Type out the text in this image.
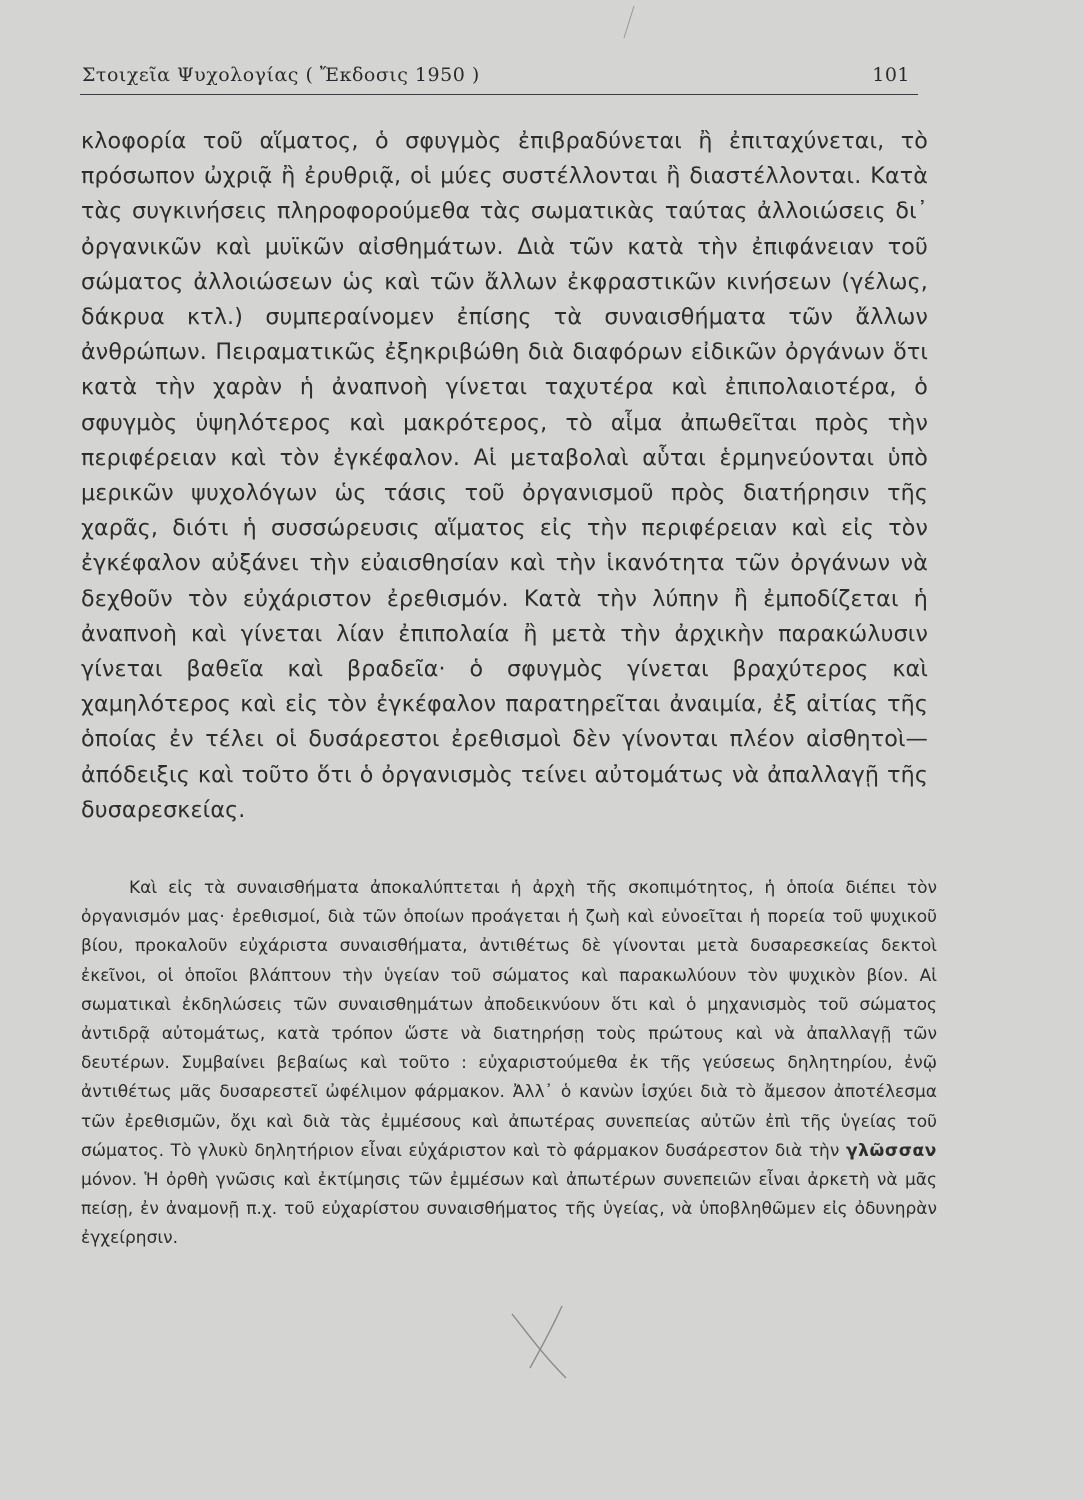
Στοιχεῖα Ψυχολογίας ( Ἔκδοσις 1950 )	101
κλοφορία τοῦ αἵματος, ὁ σφυγμὸς ἐπιβραδύνεται ἢ ἐπιταχύνεται, τὸ πρόσωπον ὠχριᾷ ἢ ἐρυθριᾷ, οἱ μύες συστέλλονται ἢ διαστέλλονται. Κατὰ τὰς συγκινήσεις πληροφορούμεθα τὰς σωματικὰς ταύτας ἀλλοιώσεις δι᾽ ὀργανικῶν καὶ μυϊκῶν αἰσθημάτων. Διὰ τῶν κατὰ τὴν ἐπιφάνειαν τοῦ σώματος ἀλλοιώσεων ὡς καὶ τῶν ἄλλων ἐκφραστικῶν κινήσεων (γέλως, δάκρυα κτλ.) συμπεραίνομεν ἐπίσης τὰ συναισθήματα τῶν ἄλλων ἀνθρώπων. Πειραματικῶς ἐξηκριβώθη διὰ διαφόρων εἰδικῶν ὀργάνων ὅτι κατὰ τὴν χαρὰν ἡ ἀναπνοὴ γίνεται ταχυτέρα καὶ ἐπιπολαιοτέρα, ὁ σφυγμὸς ὑψηλότερος καὶ μακρότερος, τὸ αἷμα ἀπωθεῖται πρὸς τὴν περιφέρειαν καὶ τὸν ἐγκέφαλον. Αἱ μεταβολαὶ αὗται ἑρμηνεύονται ὑπὸ μερικῶν ψυχολόγων ὡς τάσις τοῦ ὀργανισμοῦ πρὸς διατήρησιν τῆς χαρᾶς, διότι ἡ συσσώρευσις αἵματος εἰς τὴν περιφέρειαν καὶ εἰς τὸν ἐγκέφαλον αὐξάνει τὴν εὐαισθησίαν καὶ τὴν ἱκανότητα τῶν ὀργάνων νὰ δεχθοῦν τὸν εὐχάριστον ἐρεθισμόν. Κατὰ τὴν λύπην ἢ ἐμποδίζεται ἡ ἀναπνοὴ καὶ γίνεται λίαν ἐπιπολαία ἢ μετὰ τὴν ἀρχικὴν παρακώλυσιν γίνεται βαθεῖα καὶ βραδεῖα· ὁ σφυγμὸς γίνεται βραχύτερος καὶ χαμηλότερος καὶ εἰς τὸν ἐγκέφαλον παρατηρεῖται ἀναιμία, ἐξ αἰτίας τῆς ὁποίας ἐν τέλει οἱ δυσάρεστοι ἐρεθισμοὶ δὲν γίνονται πλέον αἰσθητοὶ—ἀπόδειξις καὶ τοῦτο ὅτι ὁ ὀργανισμὸς τείνει αὐτομάτως νὰ ἀπαλλαγῇ τῆς δυσαρεσκείας.
Καὶ εἰς τὰ συναισθήματα ἀποκαλύπτεται ἡ ἀρχὴ τῆς σκοπιμότητος, ἡ ὁποία διέπει τὸν ὀργανισμόν μας· ἐρεθισμοί, διὰ τῶν ὁποίων προάγεται ἡ ζωὴ καὶ εὐνοεῖται ἡ πορεία τοῦ ψυχικοῦ βίου, προκαλοῦν εὐχάριστα συναισθήματα, ἀντιθέτως δὲ γίνονται μετὰ δυσαρεσκείας δεκτοὶ ἐκεῖνοι, οἱ ὁποῖοι βλάπτουν τὴν ὑγείαν τοῦ σώματος καὶ παρακωλύουν τὸν ψυχικὸν βίον. Αἱ σωματικαὶ ἐκδηλώσεις τῶν συναισθημάτων ἀποδεικνύουν ὅτι καὶ ὁ μηχανισμὸς τοῦ σώματος ἀντιδρᾷ αὐτομάτως, κατὰ τρόπον ὥστε νὰ διατηρήσῃ τοὺς πρώτους καὶ νὰ ἀπαλλαγῇ τῶν δευτέρων. Συμβαίνει βεβαίως καὶ τοῦτο : εὐχαριστούμεθα ἐκ τῆς γεύσεως δηλητηρίου, ἐνῷ ἀντιθέτως μᾶς δυσαρεστεῖ ὠφέλιμον φάρμακον. Ἀλλ᾽ ὁ κανὼν ἰσχύει διὰ τὸ ἄμεσον ἀποτέλεσμα τῶν ἐρεθισμῶν, ὄχι καὶ διὰ τὰς ἐμμέσους καὶ ἀπωτέρας συνεπείας αὐτῶν ἐπὶ τῆς ὑγείας τοῦ σώματος. Τὸ γλυκὺ δηλητήριον εἶναι εὐχάριστον καὶ τὸ φάρμακον δυσάρεστον διὰ τὴν γλῶσσαν μόνον. Ἡ ὀρθὴ γνῶσις καὶ ἐκτίμησις τῶν ἐμμέσων καὶ ἀπωτέρων συνεπειῶν εἶναι ἀρκετὴ νὰ μᾶς πείσῃ, ἐν ἀναμονῇ π.χ. τοῦ εὐχαρίστου συναισθήματος τῆς ὑγείας, νὰ ὑποβληθῶμεν εἰς ὀδυνηρὰν ἐγχείρησιν.
